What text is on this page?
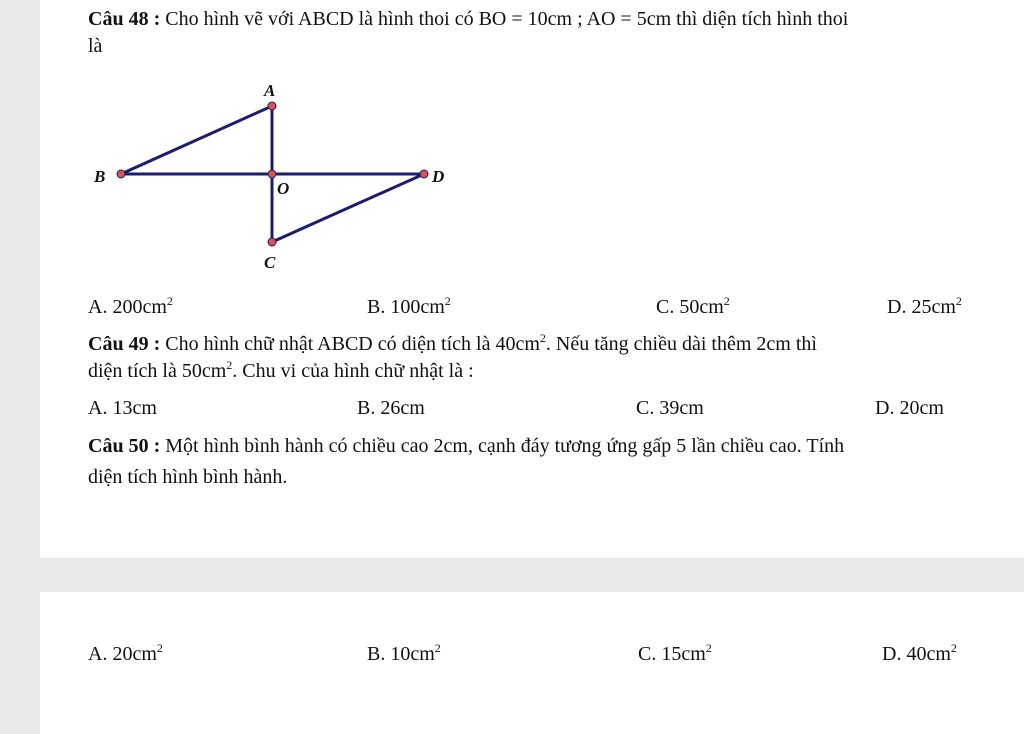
Câu 48 : Cho hình vẽ với ABCD là hình thoi có BO = 10cm ; AO = 5cm thì diện tích hình thoi
là
A
B	D
C
O
A. $200cm^2$	B. $100cm^2$	C. $50cm^2$	D. $25cm^2$
Câu 49 : Cho hình chữ nhật ABCD có diện tích là $40cm^2$. Nếu tăng chiều dài thêm 2cm thì
diện tích là $50cm^2$. Chu vi của hình chữ nhật là :
A. 13cm	B. 26cm	C. 39cm	D. 20cm
Câu 50 : Một hình bình hành có chiều cao 2cm, cạnh đáy tương ứng gấp 5 lần chiều cao. Tính
diện tích hình bình hành.
A. $20cm^2$	B. $10cm^2$	C. $15cm^2$	D. $40cm^2$
